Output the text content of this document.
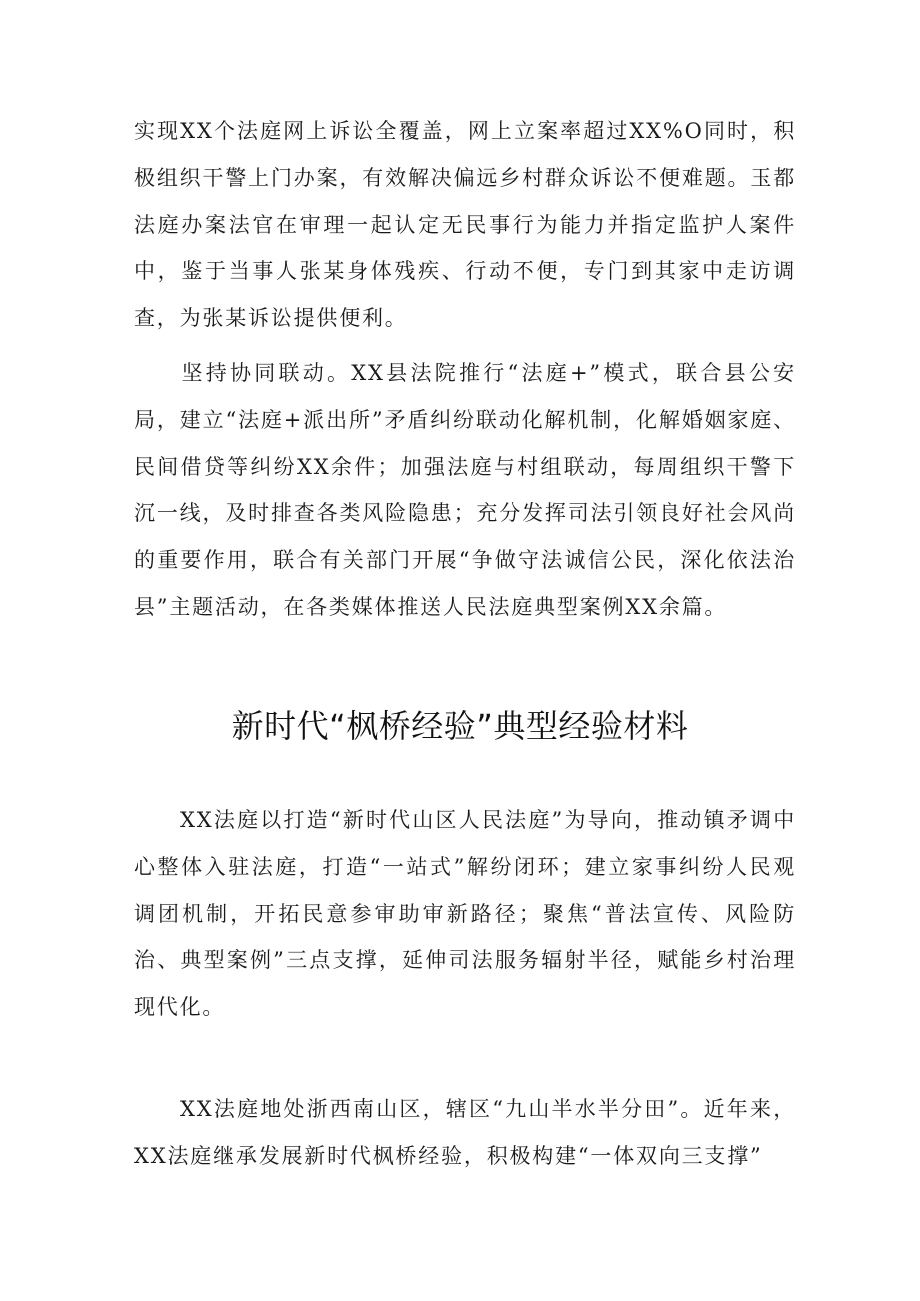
实现XX个法庭网上诉讼全覆盖，网上立案率超过XX%O同时，积极组织干警上门办案，有效解决偏远乡村群众诉讼不便难题。玉都法庭办案法官在审理一起认定无民事行为能力并指定监护人案件中，鉴于当事人张某身体残疾、行动不便，专门到其家中走访调查，为张某诉讼提供便利。

坚持协同联动。XX县法院推行“法庭+”模式，联合县公安局，建立“法庭+派出所”矛盾纠纷联动化解机制，化解婚姻家庭、民间借贷等纠纷XX余件；加强法庭与村组联动，每周组织干警下沉一线，及时排查各类风险隐患；充分发挥司法引领良好社会风尚的重要作用，联合有关部门开展“争做守法诚信公民，深化依法治县”主题活动，在各类媒体推送人民法庭典型案例XX余篇。

新时代“枫桥经验”典型经验材料

XX法庭以打造“新时代山区人民法庭”为导向，推动镇矛调中心整体入驻法庭，打造“一站式”解纷闭环；建立家事纠纷人民观调团机制，开拓民意参审助审新路径；聚焦“普法宣传、风险防治、典型案例”三点支撑，延伸司法服务辐射半径，赋能乡村治理现代化。

XX法庭地处浙西南山区，辖区“九山半水半分田”。近年来，XX法庭继承发展新时代枫桥经验，积极构建“一体双向三支撑”
